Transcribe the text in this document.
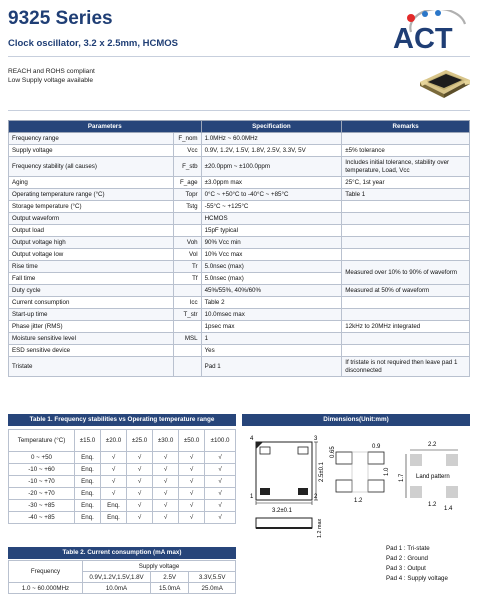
9325 Series
Clock oscillator, 3.2 x 2.5mm, HCMOS
REACH and ROHS compliant
Low Supply voltage available
ACT
Parameters		Specification	Remarks
Frequency range	F_nom	1.0MHz ~ 60.0MHz	
Supply voltage	Vcc	0.9V, 1.2V, 1.5V, 1.8V, 2.5V, 3.3V, 5V	±5% tolerance
Frequency stability (all causes)	F_stb	±20.0ppm ~ ±100.0ppm	Includes initial tolerance, stability over temperature, Load, Vcc
Aging	F_age	±3.0ppm max	25°C, 1st year
Operating temperature range (°C)	Topr	0°C ~ +50°C to -40°C ~ +85°C	Table 1
Storage temperature (°C)	Tstg	-55°C ~ +125°C	
Output waveform		HCMOS	
Output load		15pF typical	
Output voltage high	Voh	90% Vcc min	
Output voltage low	Vol	10% Vcc max	
Rise time	Tr	5.0nsec (max)	Measured over 10% to 90% of waveform
Fall time	Tf	5.0nsec (max)	
Duty cycle		45%/55%, 40%/60%	Measured at 50% of waveform
Current consumption	Icc	Table 2	
Start-up time	T_str	10.0msec max	
Phase jitter (RMS)		1psec max	12kHz to 20MHz integrated
Moisture sensitive level	MSL	1	
ESD sensitive device		Yes	
Tristate		Pad 1	If tristate is not required then leave pad 1 disconnected
Table 1. Frequency stabilities vs Operating temperature range
Temperature (°C)	±15.0	±20.0	±25.0	±30.0	±50.0	±100.0
0 ~ +50	Enq.	√	√	√	√	√
-10 ~ +60	Enq.	√	√	√	√	√
-10 ~ +70	Enq.	√	√	√	√	√
-20 ~ +70	Enq.	√	√	√	√	√
-30 ~ +85	Enq.	Enq.	√	√	√	√
-40 ~ +85	Enq.	Enq.	√	√	√	√
Table 2. Current consumption (mA max)
Frequency	Supply voltage		
	0.9V,1.2V,1.5V,1.8V	2.5V	3.3V,5.5V
1.0 ~ 60.000MHz	10.0mA	15.0mA	25.0mA
Dimensions(Unit:mm)
4
1	2
3
3.2±0.1
2.5±0.1
1.2 max
0.65	0.9
1.0
1.2
2.2
1.7 Land pattern
1.4
1.2
Pad 1 : Tri-state
Pad 2 : Ground
Pad 3 : Output
Pad 4 : Supply voltage
